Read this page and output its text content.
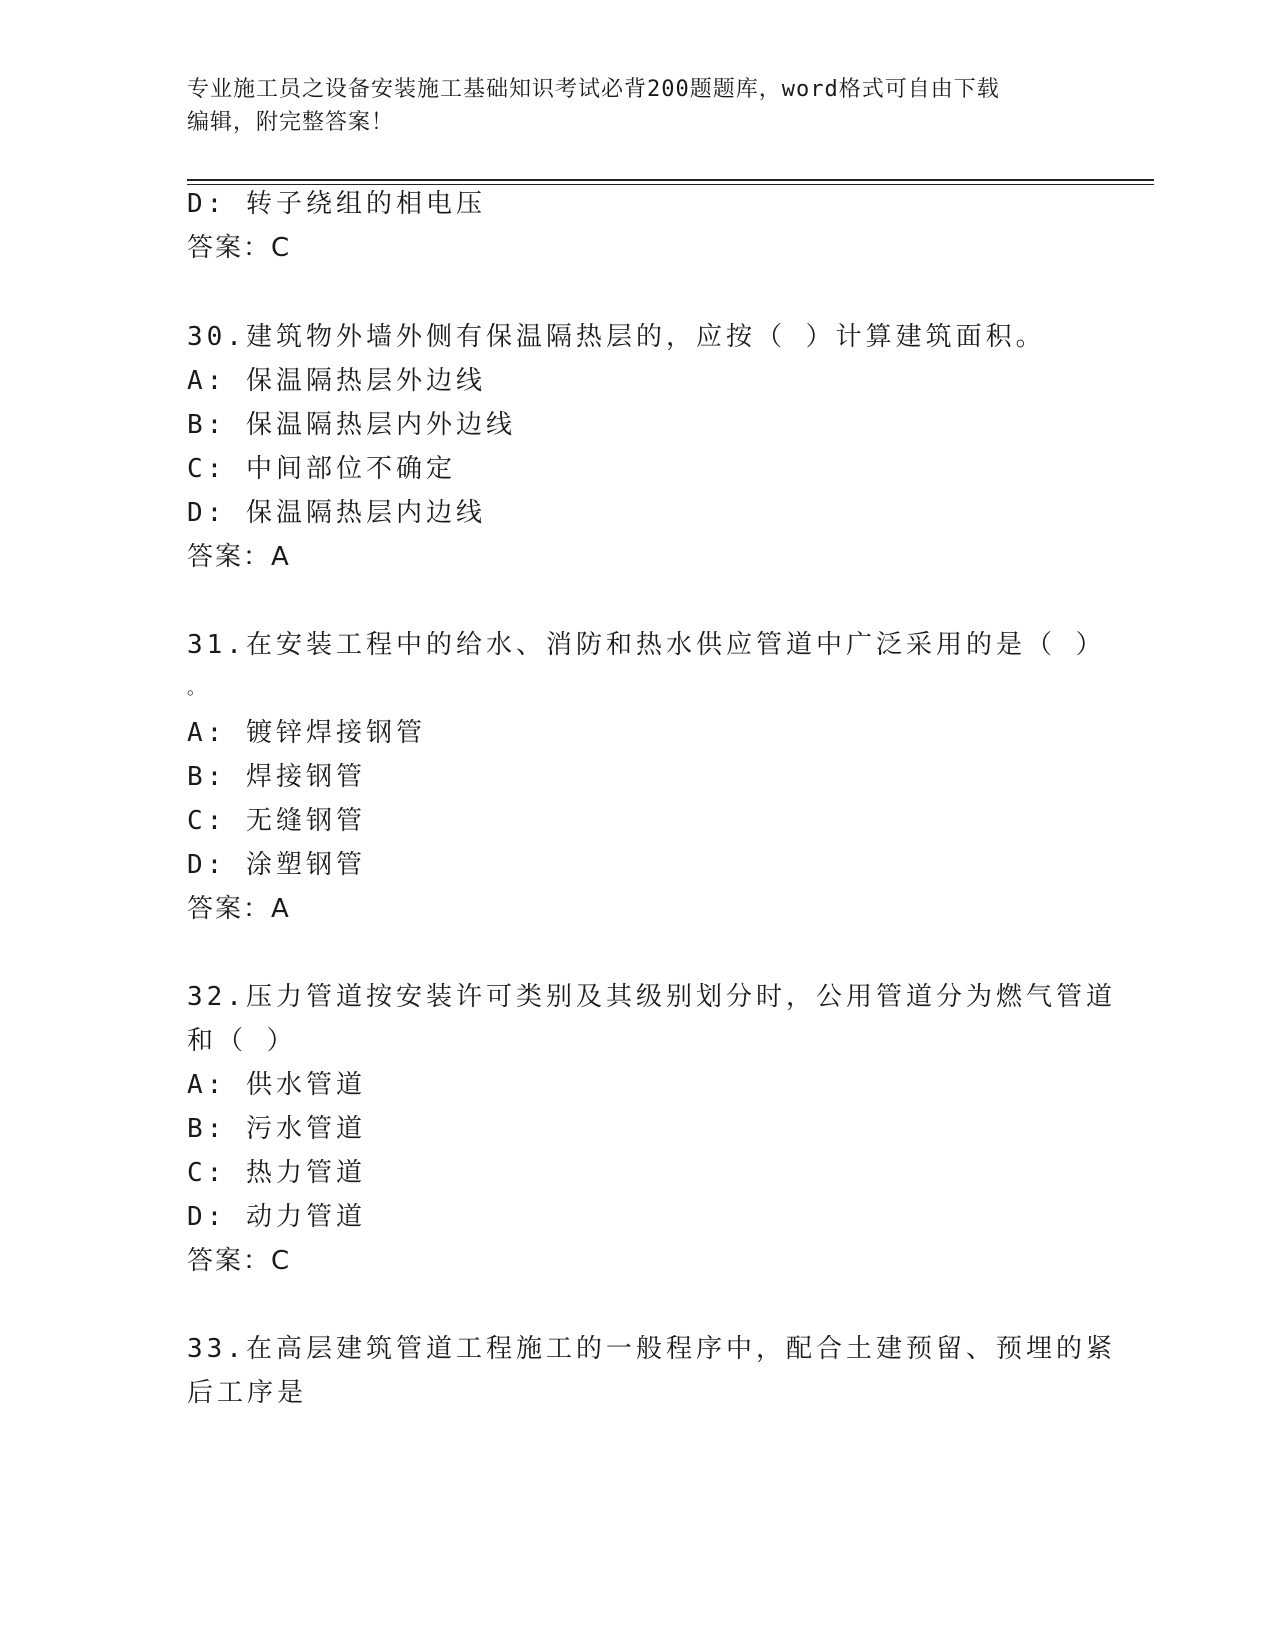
专业施工员之设备安装施工基础知识考试必背200题题库，word格式可自由下载
编辑，附完整答案！
D: 转子绕组的相电压
答案：C
30.建筑物外墙外侧有保温隔热层的，应按（ ）计算建筑面积。
A: 保温隔热层外边线
B: 保温隔热层内外边线
C: 中间部位不确定
D: 保温隔热层内边线
答案：A
31.在安装工程中的给水、消防和热水供应管道中广泛采用的是（ ）
。
A: 镀锌焊接钢管
B: 焊接钢管
C: 无缝钢管
D: 涂塑钢管
答案：A
32.压力管道按安装许可类别及其级别划分时，公用管道分为燃气管道
和（ ）
A: 供水管道
B: 污水管道
C: 热力管道
D: 动力管道
答案：C
33.在高层建筑管道工程施工的一般程序中，配合土建预留、预埋的紧
后工序是
